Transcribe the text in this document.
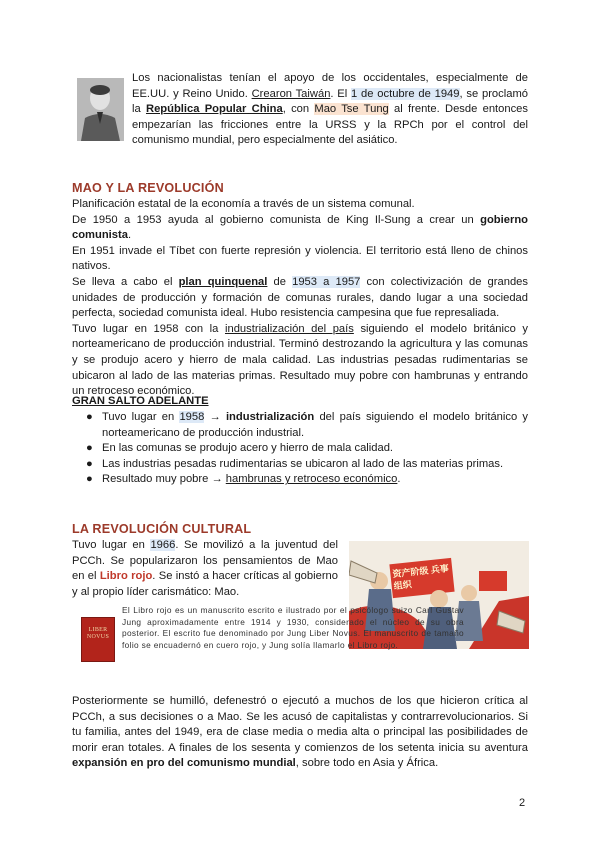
Los nacionalistas tenían el apoyo de los occidentales, especialmente de EE.UU. y Reino Unido. Crearon Taiwán. El 1 de octubre de 1949, se proclamó la República Popular China, con Mao Tse Tung al frente. Desde entonces empezarían las fricciones entre la URSS y la RPCh por el control del comunismo mundial, pero especialmente del asiático.

MAO Y LA REVOLUCIÓN

Planificación estatal de la economía a través de un sistema comunal.

De 1950 a 1953 ayuda al gobierno comunista de King Il-Sung a crear un gobierno comunista.

En 1951 invade el Tíbet con fuerte represión y violencia. El territorio está lleno de chinos nativos.

Se lleva a cabo el plan quinquenal de 1953 a 1957 con colectivización de grandes unidades de producción y formación de comunas rurales, dando lugar a una sociedad perfecta, sociedad comunista ideal. Hubo resistencia campesina que fue represaliada.

Tuvo lugar en 1958 con la industrialización del país siguiendo el modelo británico y norteamericano de producción industrial. Terminó destrozando la agricultura y las comunas y se produjo acero y hierro de mala calidad. Las industrias pesadas rudimentarias se ubicaron al lado de las materias primas. Resultado muy pobre con hambrunas y entrando un retroceso económico.

GRAN SALTO ADELANTE
● Tuvo lugar en 1958 → industrialización del país siguiendo el modelo británico y norteamericano de producción industrial.
● En las comunas se produjo acero y hierro de mala calidad.
● Las industrias pesadas rudimentarias se ubicaron al lado de las materias primas.
● Resultado muy pobre → hambrunas y retroceso económico.
LA REVOLUCIÓN CULTURAL

Tuvo lugar en 1966. Se movilizó a la juventud del PCCh. Se popularizaron los pensamientos de Mao en el Libro rojo. Se instó a hacer críticas al gobierno y al propio líder carismático: Mao.

资产阶级 兵事组织
LIBER NOVUS

El Libro rojo es un manuscrito escrito e ilustrado por el psicólogo suizo Carl Gustav Jung aproximadamente entre 1914 y 1930, considerado el núcleo de su obra posterior. El escrito fue denominado por Jung Liber Novus. El manuscrito de tamaño folio se encuadernó en cuero rojo, y Jung solía llamarlo el Libro rojo.

Posteriormente se humilló, defenestró o ejecutó a muchos de los que hicieron crítica al PCCh, a sus decisiones o a Mao. Se les acusó de capitalistas y contrarrevolucionarios. Si tu familia, antes del 1949, era de clase media o media alta o principal las posibilidades de morir eran totales. A finales de los sesenta y comienzos de los setenta inicia su aventura expansión en pro del comunismo mundial, sobre todo en Asia y África.

2
